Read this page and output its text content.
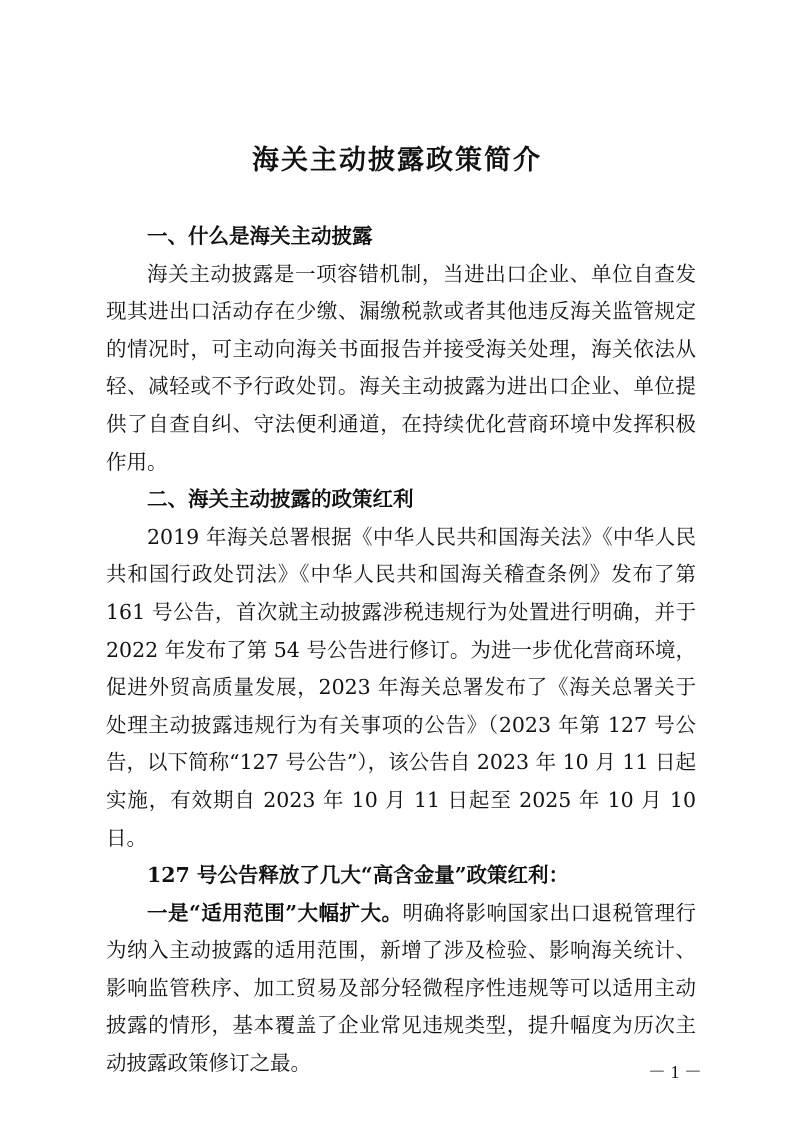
海关主动披露政策简介
一、什么是海关主动披露

海关主动披露是一项容错机制，当进出口企业、单位自查发现其进出口活动存在少缴、漏缴税款或者其他违反海关监管规定的情况时，可主动向海关书面报告并接受海关处理，海关依法从轻、减轻或不予行政处罚。海关主动披露为进出口企业、单位提供了自查自纠、守法便利通道，在持续优化营商环境中发挥积极作用。

二、海关主动披露的政策红利

2019 年海关总署根据《中华人民共和国海关法》《中华人民共和国行政处罚法》《中华人民共和国海关稽查条例》发布了第 161 号公告，首次就主动披露涉税违规行为处置进行明确，并于 2022 年发布了第 54 号公告进行修订。为进一步优化营商环境，促进外贸高质量发展，2023 年海关总署发布了《海关总署关于处理主动披露违规行为有关事项的公告》（2023 年第 127 号公告，以下简称“127 号公告”），该公告自 2023 年 10 月 11 日起实施，有效期自 2023 年 10 月 11 日起至 2025 年 10 月 10 日。

127 号公告释放了几大“高含金量”政策红利：

一是“适用范围”大幅扩大。明确将影响国家出口退税管理行为纳入主动披露的适用范围，新增了涉及检验、影响海关统计、影响监管秩序、加工贸易及部分轻微程序性违规等可以适用主动披露的情形，基本覆盖了企业常见违规类型，提升幅度为历次主动披露政策修订之最。	－ 1 －
